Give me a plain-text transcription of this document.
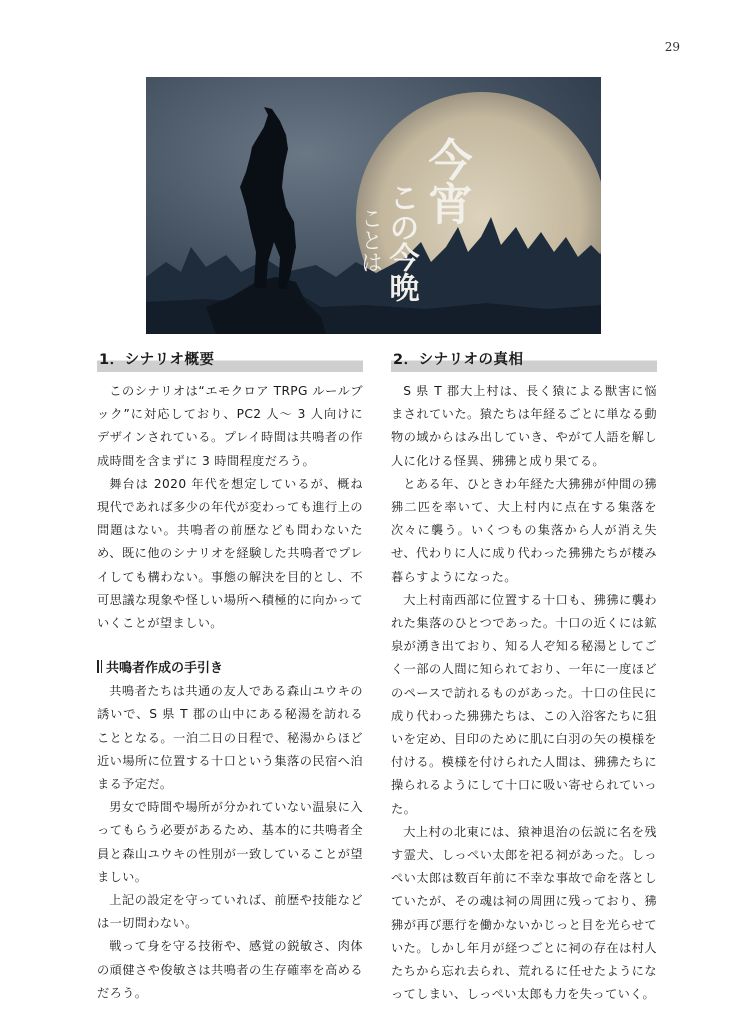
29
今宵
この今晩
ことは
1．シナリオ概要

このシナリオは“エモクロア TRPG ルールブック”に対応しており、PC2 人〜 3 人向けにデザインされている。プレイ時間は共鳴者の作成時間を含まずに 3 時間程度だろう。

舞台は 2020 年代を想定しているが、概ね現代であれば多少の年代が変わっても進行上の問題はない。共鳴者の前歴なども問わないため、既に他のシナリオを経験した共鳴者でプレイしても構わない。事態の解決を目的とし、不可思議な現象や怪しい場所へ積極的に向かっていくことが望ましい。

共鳴者作成の手引き

共鳴者たちは共通の友人である森山ユウキの誘いで、S 県 T 郡の山中にある秘湯を訪れることとなる。一泊二日の日程で、秘湯からほど近い場所に位置する十口という集落の民宿へ泊まる予定だ。

男女で時間や場所が分かれていない温泉に入ってもらう必要があるため、基本的に共鳴者全員と森山ユウキの性別が一致していることが望ましい。

上記の設定を守っていれば、前歴や技能などは一切問わない。

戦って身を守る技術や、感覚の鋭敏さ、肉体の頑健さや俊敏さは共鳴者の生存確率を高めるだろう。

2．シナリオの真相

S 県 T 郡大上村は、長く猿による獣害に悩まされていた。猿たちは年経るごとに単なる動物の域からはみ出していき、やがて人語を解し人に化ける怪異、狒狒と成り果てる。

とある年、ひときわ年経た大狒狒が仲間の狒狒二匹を率いて、大上村内に点在する集落を次々に襲う。いくつもの集落から人が消え失せ、代わりに人に成り代わった狒狒たちが棲み暮らすようになった。

大上村南西部に位置する十口も、狒狒に襲われた集落のひとつであった。十口の近くには鉱泉が湧き出ており、知る人ぞ知る秘湯としてごく一部の人間に知られており、一年に一度ほどのペースで訪れるものがあった。十口の住民に成り代わった狒狒たちは、この入浴客たちに狙いを定め、目印のために肌に白羽の矢の模様を付ける。模様を付けられた人間は、狒狒たちに操られるようにして十口に吸い寄せられていった。

大上村の北東には、猿神退治の伝説に名を残す霊犬、しっぺい太郎を祀る祠があった。しっぺい太郎は数百年前に不幸な事故で命を落としていたが、その魂は祠の周囲に残っており、狒狒が再び悪行を働かないかじっと目を光らせていた。しかし年月が経つごとに祠の存在は村人たちから忘れ去られ、荒れるに任せたようになってしまい、しっぺい太郎も力を失っていく。
